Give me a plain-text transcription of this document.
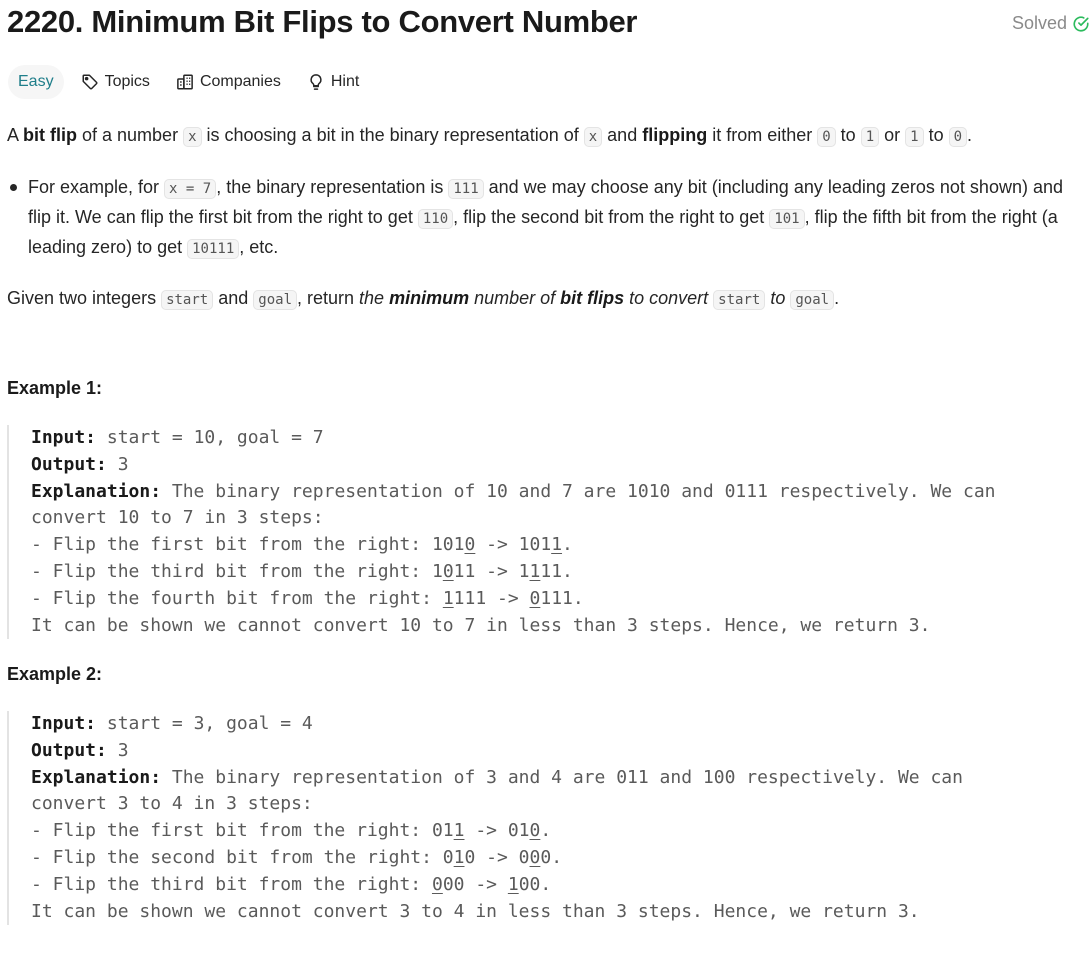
2220. Minimum Bit Flips to Convert Number	Solved
Easy	Topics	Companies	Hint

A bit flip of a number x is choosing a bit in the binary representation of x and flipping it from either 0 to 1 or 1 to 0 .

For example, for x = 7 , the binary representation is 111 and we may choose any bit (including any leading zeros not shown) and flip it. We can flip the first bit from the right to get 110 , flip the second bit from the right to get 101 , flip the fifth bit from the right (a leading zero) to get 10111 , etc.

Given two integers start and goal , return the minimum number of bit flips to convert start to goal .

Example 1:
Input: start = 10, goal = 7
Output: 3
Explanation: The binary representation of 10 and 7 are 1010 and 0111 respectively. We can
convert 10 to 7 in 3 steps:
- Flip the first bit from the right: 1010 -> 1011.
- Flip the third bit from the right: 1011 -> 1111.
- Flip the fourth bit from the right: 1111 -> 0111.
It can be shown we cannot convert 10 to 7 in less than 3 steps. Hence, we return 3.
Example 2:
Input: start = 3, goal = 4
Output: 3
Explanation: The binary representation of 3 and 4 are 011 and 100 respectively. We can
convert 3 to 4 in 3 steps:
- Flip the first bit from the right: 011 -> 010.
- Flip the second bit from the right: 010 -> 000.
- Flip the third bit from the right: 000 -> 100.
It can be shown we cannot convert 3 to 4 in less than 3 steps. Hence, we return 3.
